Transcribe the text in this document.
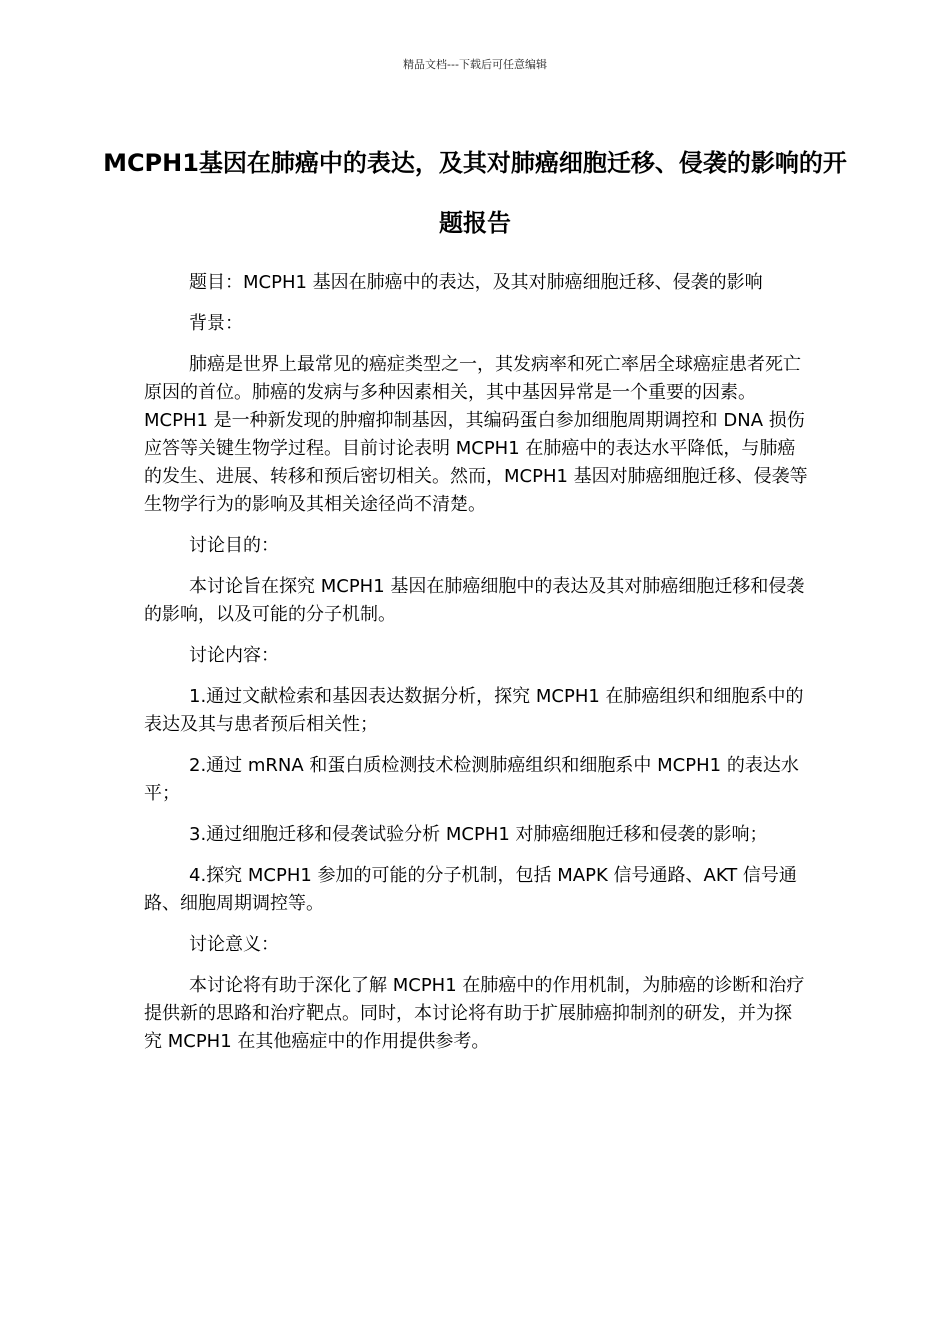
精品文档---下载后可任意编辑
MCPH1基因在肺癌中的表达，及其对肺癌细胞迁移、侵袭的影响的开题报告

题目：MCPH1 基因在肺癌中的表达，及其对肺癌细胞迁移、侵袭的影响

背景：

肺癌是世界上最常见的癌症类型之一，其发病率和死亡率居全球癌症患者死亡原因的首位。肺癌的发病与多种因素相关，其中基因异常是一个重要的因素。MCPH1 是一种新发现的肿瘤抑制基因，其编码蛋白参加细胞周期调控和 DNA 损伤应答等关键生物学过程。目前讨论表明 MCPH1 在肺癌中的表达水平降低，与肺癌的发生、进展、转移和预后密切相关。然而，MCPH1 基因对肺癌细胞迁移、侵袭等生物学行为的影响及其相关途径尚不清楚。

讨论目的：

本讨论旨在探究 MCPH1 基因在肺癌细胞中的表达及其对肺癌细胞迁移和侵袭的影响，以及可能的分子机制。

讨论内容：

1.通过文献检索和基因表达数据分析，探究 MCPH1 在肺癌组织和细胞系中的表达及其与患者预后相关性；

2.通过 mRNA 和蛋白质检测技术检测肺癌组织和细胞系中 MCPH1 的表达水平；

3.通过细胞迁移和侵袭试验分析 MCPH1 对肺癌细胞迁移和侵袭的影响；

4.探究 MCPH1 参加的可能的分子机制，包括 MAPK 信号通路、AKT 信号通路、细胞周期调控等。

讨论意义：

本讨论将有助于深化了解 MCPH1 在肺癌中的作用机制，为肺癌的诊断和治疗提供新的思路和治疗靶点。同时，本讨论将有助于扩展肺癌抑制剂的研发，并为探究 MCPH1 在其他癌症中的作用提供参考。
